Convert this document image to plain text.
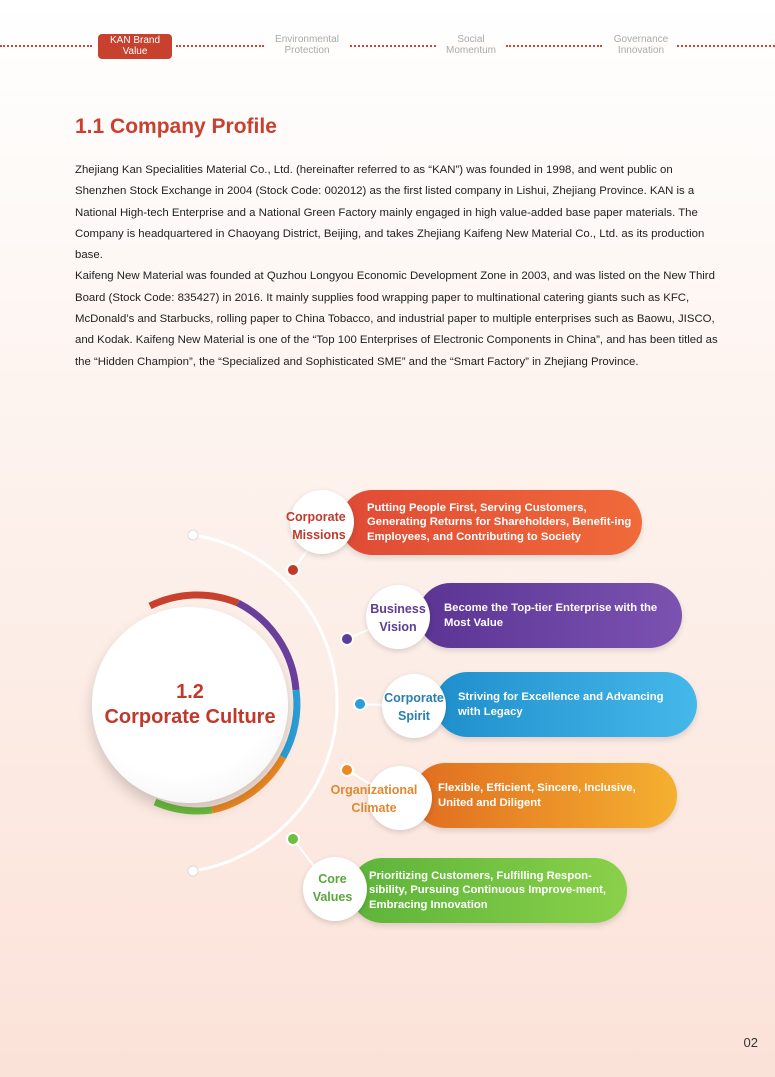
KAN Brand
Value
Environmental
Protection
Social
Momentum
Governance
Innovation
1.1 Company Profile

Zhejiang Kan Specialities Material Co., Ltd. (hereinafter referred to as “KAN”) was founded in 1998, and went public on Shenzhen Stock Exchange in 2004 (Stock Code: 002012) as the first listed company in Lishui, Zhejiang Province. KAN is a National High-tech Enterprise and a National Green Factory mainly engaged in high value-added base paper materials. The Company is headquartered in Chaoyang District, Beijing, and takes Zhejiang Kaifeng New Material Co., Ltd. as its production base.

Kaifeng New Material was founded at Quzhou Longyou Economic Development Zone in 2003, and was listed on the New Third Board (Stock Code: 835427) in 2016. It mainly supplies food wrapping paper to multinational catering giants such as KFC, McDonald’s and Starbucks, rolling paper to China Tobacco, and industrial paper to multiple enterprises such as Baowu, JISCO, and Kodak. Kaifeng New Material is one of the “Top 100 Enterprises of Electronic Components in China”, and has been titled as the “Hidden Champion”, the “Specialized and Sophisticated SME” and the “Smart Factory” in Zhejiang Province.

1.2
Corporate Culture
Putting People First, Serving Customers, Generating Returns for Shareholders, Benefit-ing Employees, and Contributing to Society
Corporate
Missions
Become the Top-tier Enterprise with the Most Value
Business
Vision
Striving for Excellence and Advancing with Legacy
Corporate
Spirit
Flexible, Efficient, Sincere, Inclusive, United and Diligent
Organizational
Climate
Prioritizing Customers, Fulfilling Respon-sibility, Pursuing Continuous Improve-ment, Embracing Innovation
Core
Values
02
